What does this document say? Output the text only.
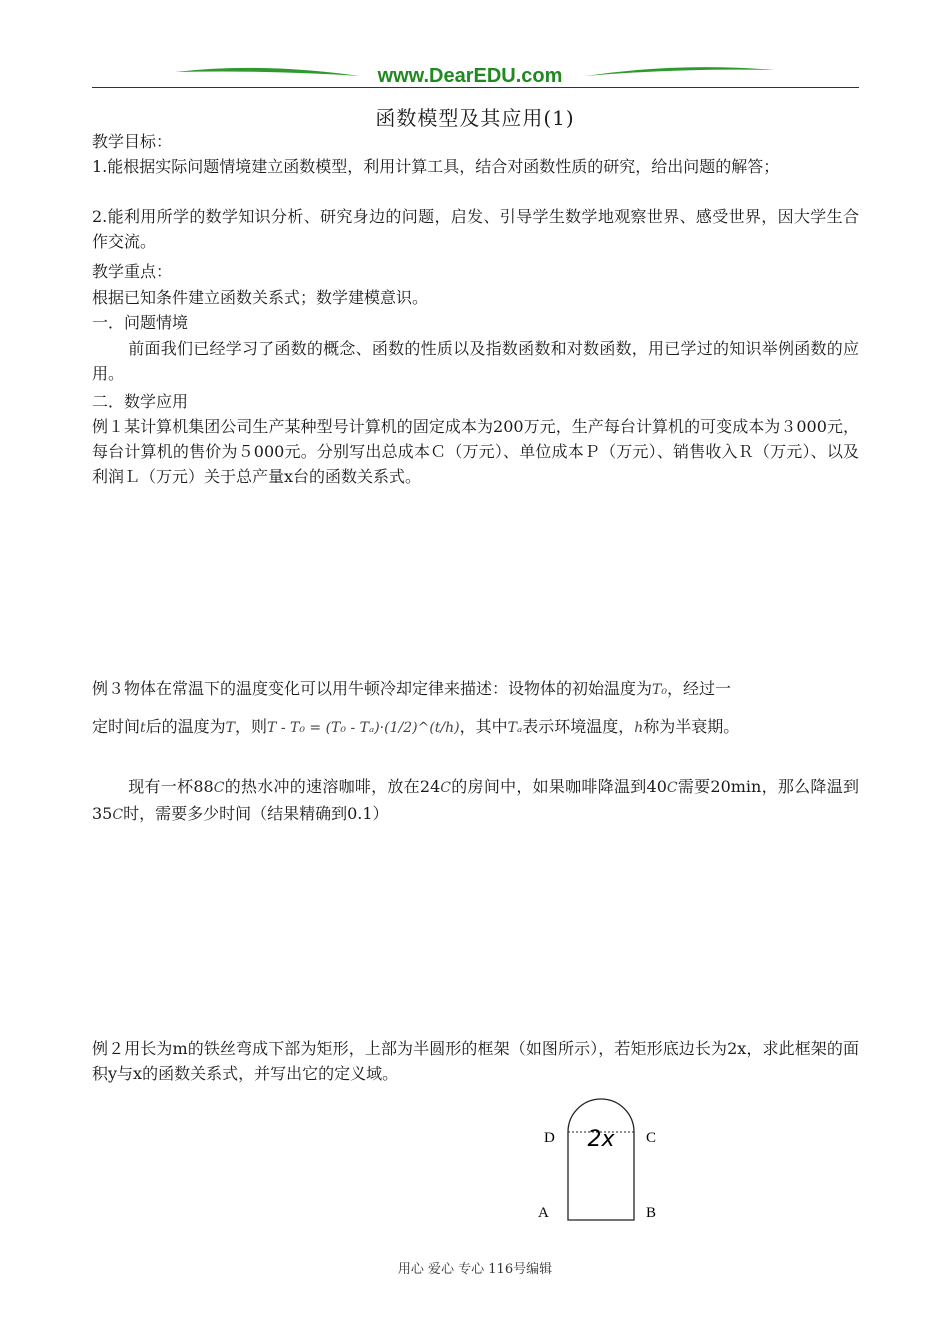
www.DearEDU.com
函数模型及其应用(1)
教学目标：
1.能根据实际问题情境建立函数模型，利用计算工具，结合对函数性质的研究，给出问题的解答；
2.能利用所学的数学知识分析、研究身边的问题，启发、引导学生数学地观察世界、感受世界，因大学生合作交流。
教学重点：
根据已知条件建立函数关系式；数学建模意识。
一．问题情境
前面我们已经学习了函数的概念、函数的性质以及指数函数和对数函数，用已学过的知识举例函数的应用。
二．数学应用
例１某计算机集团公司生产某种型号计算机的固定成本为200万元，生产每台计算机的可变成本为３000元，每台计算机的售价为５000元。分别写出总成本Ｃ（万元）、单位成本Ｐ（万元）、销售收入Ｒ（万元）、以及利润Ｌ（万元）关于总产量x台的函数关系式。
例３物体在常温下的温度变化可以用牛顿冷却定律来描述：设物体的初始温度为T₀，经过一
定时间t后的温度为T，则T - T₀ = (T₀ - Tₐ)·(1/2)^(t/h)，其中Tₐ表示环境温度，h称为半衰期。
现有一杯88C的热水冲的速溶咖啡，放在24C的房间中，如果咖啡降温到40C需要20min，那么降温到35C时，需要多少时间（结果精确到0.1）
例２用长为m的铁丝弯成下部为矩形，上部为半圆形的框架（如图所示），若矩形底边长为2x，求此框架的面积y与x的函数关系式，并写出它的定义域。
2x
D	C
A	B
用心 爱心 专心 116号编辑
